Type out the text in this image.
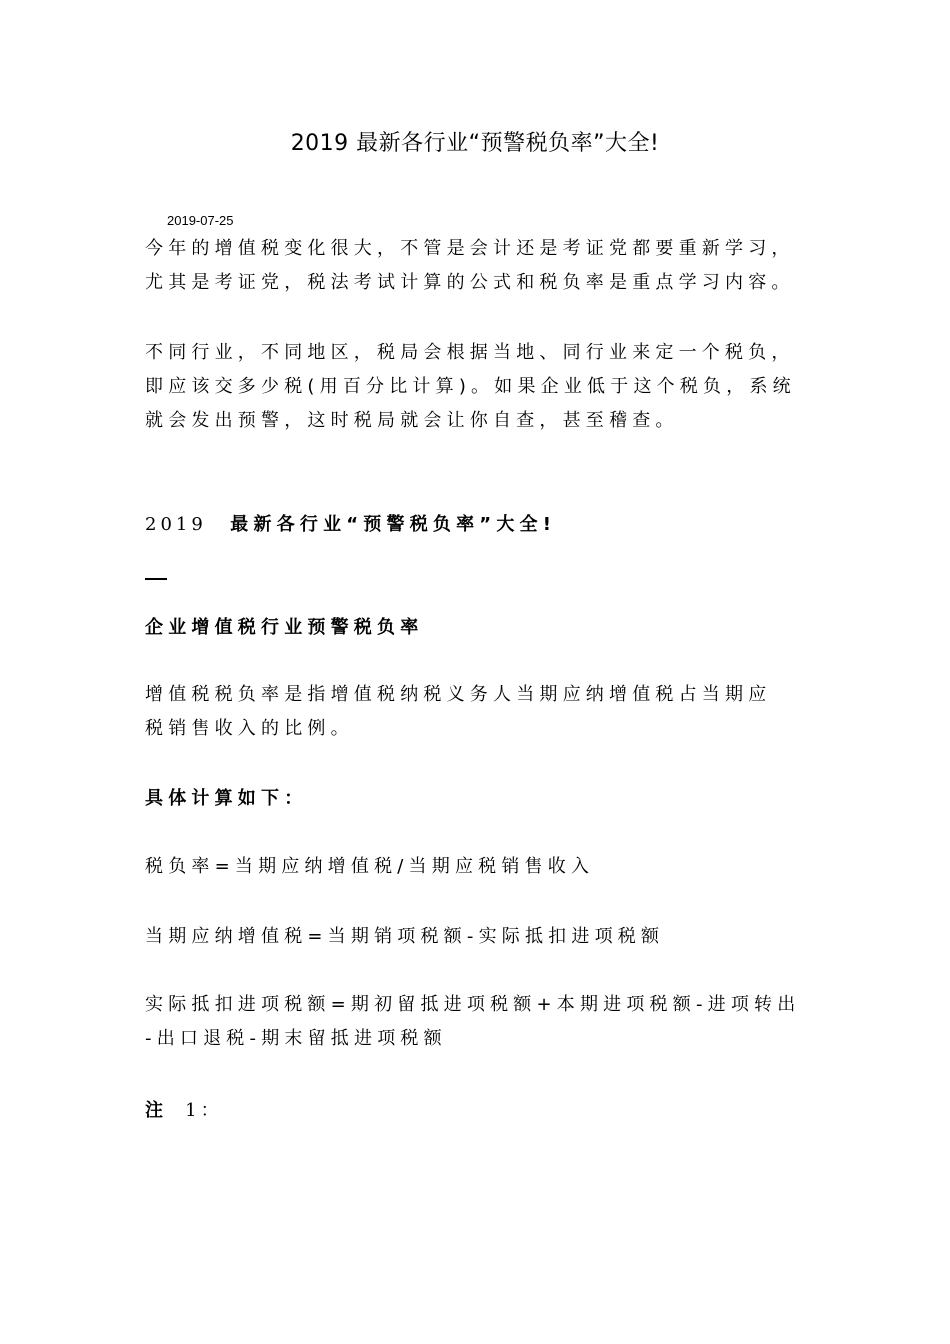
2019 最新各行业“预警税负率”大全!
2019-07-25
今年的增值税变化很大，不管是会计还是考证党都要重新学习，
尤其是考证党，税法考试计算的公式和税负率是重点学习内容。
不同行业，不同地区，税局会根据当地、同行业来定一个税负，
即应该交多少税(用百分比计算)。如果企业低于这个税负，系统
就会发出预警，这时税局就会让你自查，甚至稽查。
2019 最新各行业“预警税负率”大全!
企业增值税行业预警税负率
增值税税负率是指增值税纳税义务人当期应纳增值税占当期应
税销售收入的比例。
具体计算如下：
税负率=当期应纳增值税/当期应税销售收入
当期应纳增值税=当期销项税额-实际抵扣进项税额
实际抵扣进项税额=期初留抵进项税额+本期进项税额-进项转出
-出口退税-期末留抵进项税额
注 1：
